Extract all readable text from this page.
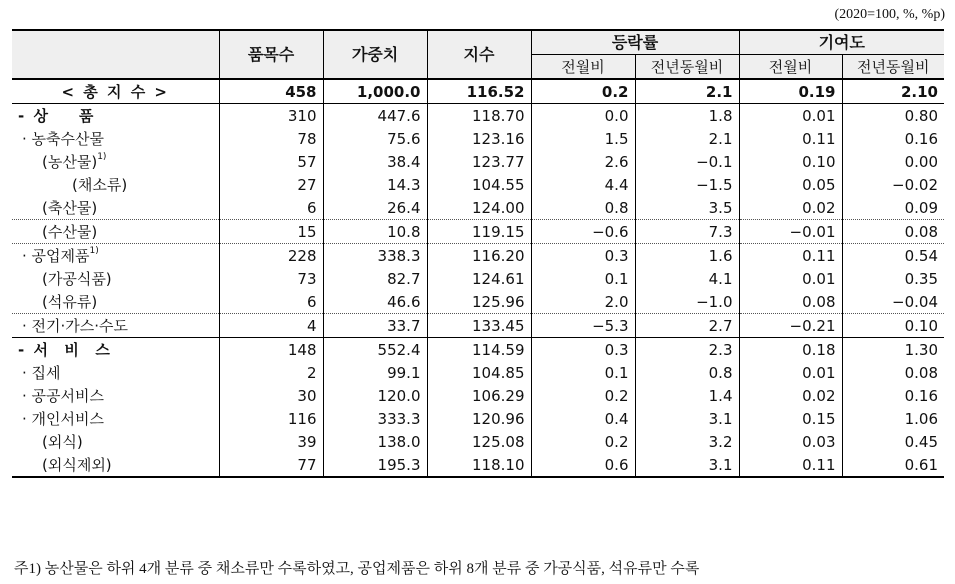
(2020=100, %, %p)
	품목수	가중치	지수	등락률		기여도	
				전월비	전년동월비	전월비	전년동월비
< 총 지 수 >	458	1,000.0	116.52	0.2	2.1	0.19	2.10
- 상    품	310	447.6	118.70	0.0	1.8	0.01	0.80
· 농축수산물	78	75.6	123.16	1.5	2.1	0.11	0.16
(농산물)$^{1)}$	57	38.4	123.77	2.6	−0.1	0.10	0.00
(채소류)	27	14.3	104.55	4.4	−1.5	0.05	−0.02
(축산물)	6	26.4	124.00	0.8	3.5	0.02	0.09
(수산물)	15	10.8	119.15	−0.6	7.3	−0.01	0.08
· 공업제품$^{1)}$	228	338.3	116.20	0.3	1.6	0.11	0.54
(가공식품)	73	82.7	124.61	0.1	4.1	0.01	0.35
(석유류)	6	46.6	125.96	2.0	−1.0	0.08	−0.04
· 전기·가스·수도	4	33.7	133.45	−5.3	2.7	−0.21	0.10
- 서  비  스	148	552.4	114.59	0.3	2.3	0.18	1.30
· 집세	2	99.1	104.85	0.1	0.8	0.01	0.08
· 공공서비스	30	120.0	106.29	0.2	1.4	0.02	0.16
· 개인서비스	116	333.3	120.96	0.4	3.1	0.15	1.06
(외식)	39	138.0	125.08	0.2	3.2	0.03	0.45
(외식제외)	77	195.3	118.10	0.6	3.1	0.11	0.61
주1) 농산물은 하위 4개 분류 중 채소류만 수록하였고, 공업제품은 하위 8개 분류 중 가공식품, 석유류만 수록
